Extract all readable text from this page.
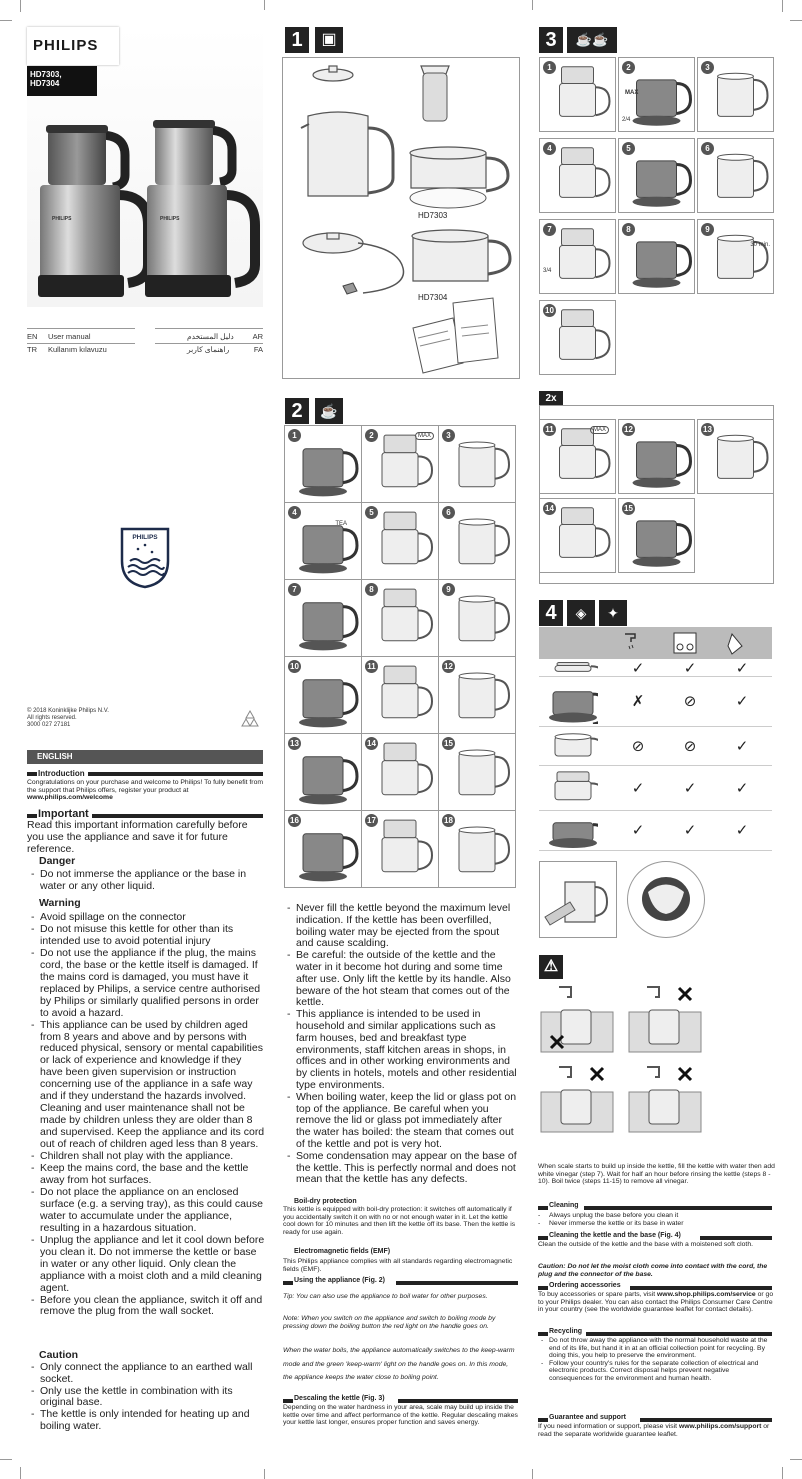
PHILIPS
HD7303,
HD7304
PHILIPS	PHILIPS
EN User manual	دليل المستخدم	AR
TR Kullanım kılavuzu	راهنمای کاربر	FA
PHILIPS
© 2018 Koninklijke Philips N.V.
All rights reserved.
3000 027 27181
ENGLISH
Introduction
Congratulations on your purchase and welcome to Philips! To fully benefit from the support that Philips offers, register your product at www.philips.com/welcome
Important
Read this important information carefully before you use the appliance and save it for future reference.
Danger
- Do not immerse the appliance or the base in water or any other liquid.
Warning
- Avoid spillage on the connector
- Do not misuse this kettle for other than its intended use to avoid potential injury
- Do not use the appliance if the plug, the mains cord, the base or the kettle itself is damaged. If the mains cord is damaged, you must have it replaced by Philips, a service centre authorised by Philips or similarly qualified persons in order to avoid a hazard.
- This appliance can be used by children aged from 8 years and above and by persons with reduced physical, sensory or mental capabilities or lack of experience and knowledge if they have been given supervision or instruction concerning use of the appliance in a safe way and if they understand the hazards involved. Cleaning and user maintenance shall not be made by children unless they are older than 8 and supervised. Keep the appliance and its cord out of reach of children aged less than 8 years.
- Children shall not play with the appliance.
- Keep the mains cord, the base and the kettle away from hot surfaces.
- Do not place the appliance on an enclosed surface (e.g. a serving tray), as this could cause water to accumulate under the appliance, resulting in a hazardous situation.
- Unplug the appliance and let it cool down before you clean it. Do not immerse the kettle or base in water or any other liquid. Only clean the appliance with a moist cloth and a mild cleaning agent.
- Before you clean the appliance, switch it off and remove the plug from the wall socket.
Caution
- Only connect the appliance to an earthed wall socket.
- Only use the kettle in combination with its original base.
- The kettle is only intended for heating up and boiling water.
1	▣
HD7303
HD7304
2	☕
- Never fill the kettle beyond the maximum level indication. If the kettle has been overfilled, boiling water may be ejected from the spout and cause scalding.
- Be careful: the outside of the kettle and the water in it become hot during and some time after use. Only lift the kettle by its handle. Also beware of the hot steam that comes out of the kettle.
- This appliance is intended to be used in household and similar applications such as farm houses, bed and breakfast type environments, staff kitchen areas in shops, in offices and in other working environments and by clients in hotels, motels and other residential type environments.
- When boiling water, keep the lid or glass pot on top of the appliance. Be careful when you remove the lid or glass pot immediately after the water has boiled: the steam that comes out of the kettle and pot is very hot.
- Some condensation may appear on the base of the kettle. This is perfectly normal and does not mean that the kettle has any defects.
Boil-dry protection
This kettle is equipped with boil-dry protection: it switches off automatically if you accidentally switch it on with no or not enough water in it. Let the kettle cool down for 10 minutes and then lift the kettle off its base. Then the kettle is ready for use again.
Electromagnetic fields (EMF)
This Philips appliance complies with all standards regarding electromagnetic fields (EMF).
Using the appliance (Fig. 2)
Tip: You can also use the appliance to boil water for other purposes.
Note: When you switch on the appliance and switch to boiling mode by pressing down the boiling button the red light on the handle goes on.
When the water boils, the appliance automatically switches to the keep-warm mode and the green 'keep-warm' light on the handle goes on. In this mode, the appliance keeps the water close to boiling point.
Descaling the kettle (Fig. 3)
Depending on the water hardness in your area, scale may build up inside the kettle over time and affect performance of the kettle. Regular descaling makes your kettle last longer, ensures proper function and saves energy.
3	☕☕
2x
4	◈	✦
⚠
When scale starts to build up inside the kettle, fill the kettle with water then add white vinegar (step 7). Wait for half an hour before rinsing the kettle (steps 8 - 10). Boil twice (steps 11-15) to remove all vinegar.
Cleaning
-	Always unplug the base before you clean it
-	Never immerse the kettle or its base in water
Cleaning the kettle and the base (Fig. 4)
Clean the outside of the kettle and the base with a moistened soft cloth.
Caution: Do not let the moist cloth come into contact with the cord, the plug and the connector of the base.
Ordering accessories
To buy accessories or spare parts, visit www.shop.philips.com/service or go to your Philips dealer. You can also contact the Philips Consumer Care Centre in your country (see the worldwide guarantee leaflet for contact details).
Recycling
- Do not throw away the appliance with the normal household waste at the end of its life, but hand it in at an official collection point for recycling. By doing this, you help to preserve the environment.
- Follow your country's rules for the separate collection of electrical and electronic products. Correct disposal helps prevent negative consequences for the environment and human health.
Guarantee and support
If you need information or support, please visit www.philips.com/support or read the separate worldwide guarantee leaflet.
1	2	MAX	3
4
TEA
5	6
7	8	9
10	11	12
13	14	15
16	17	18
1	2
MAX
3
4	5	6
7
3/4
8	9
30 min.
10
2/4
11	MAX	12	13
14	15
✓	✓	✓
✗	⊘	✓
⊘	⊘	✓
✓	✓	✓
✓	✓	✓
